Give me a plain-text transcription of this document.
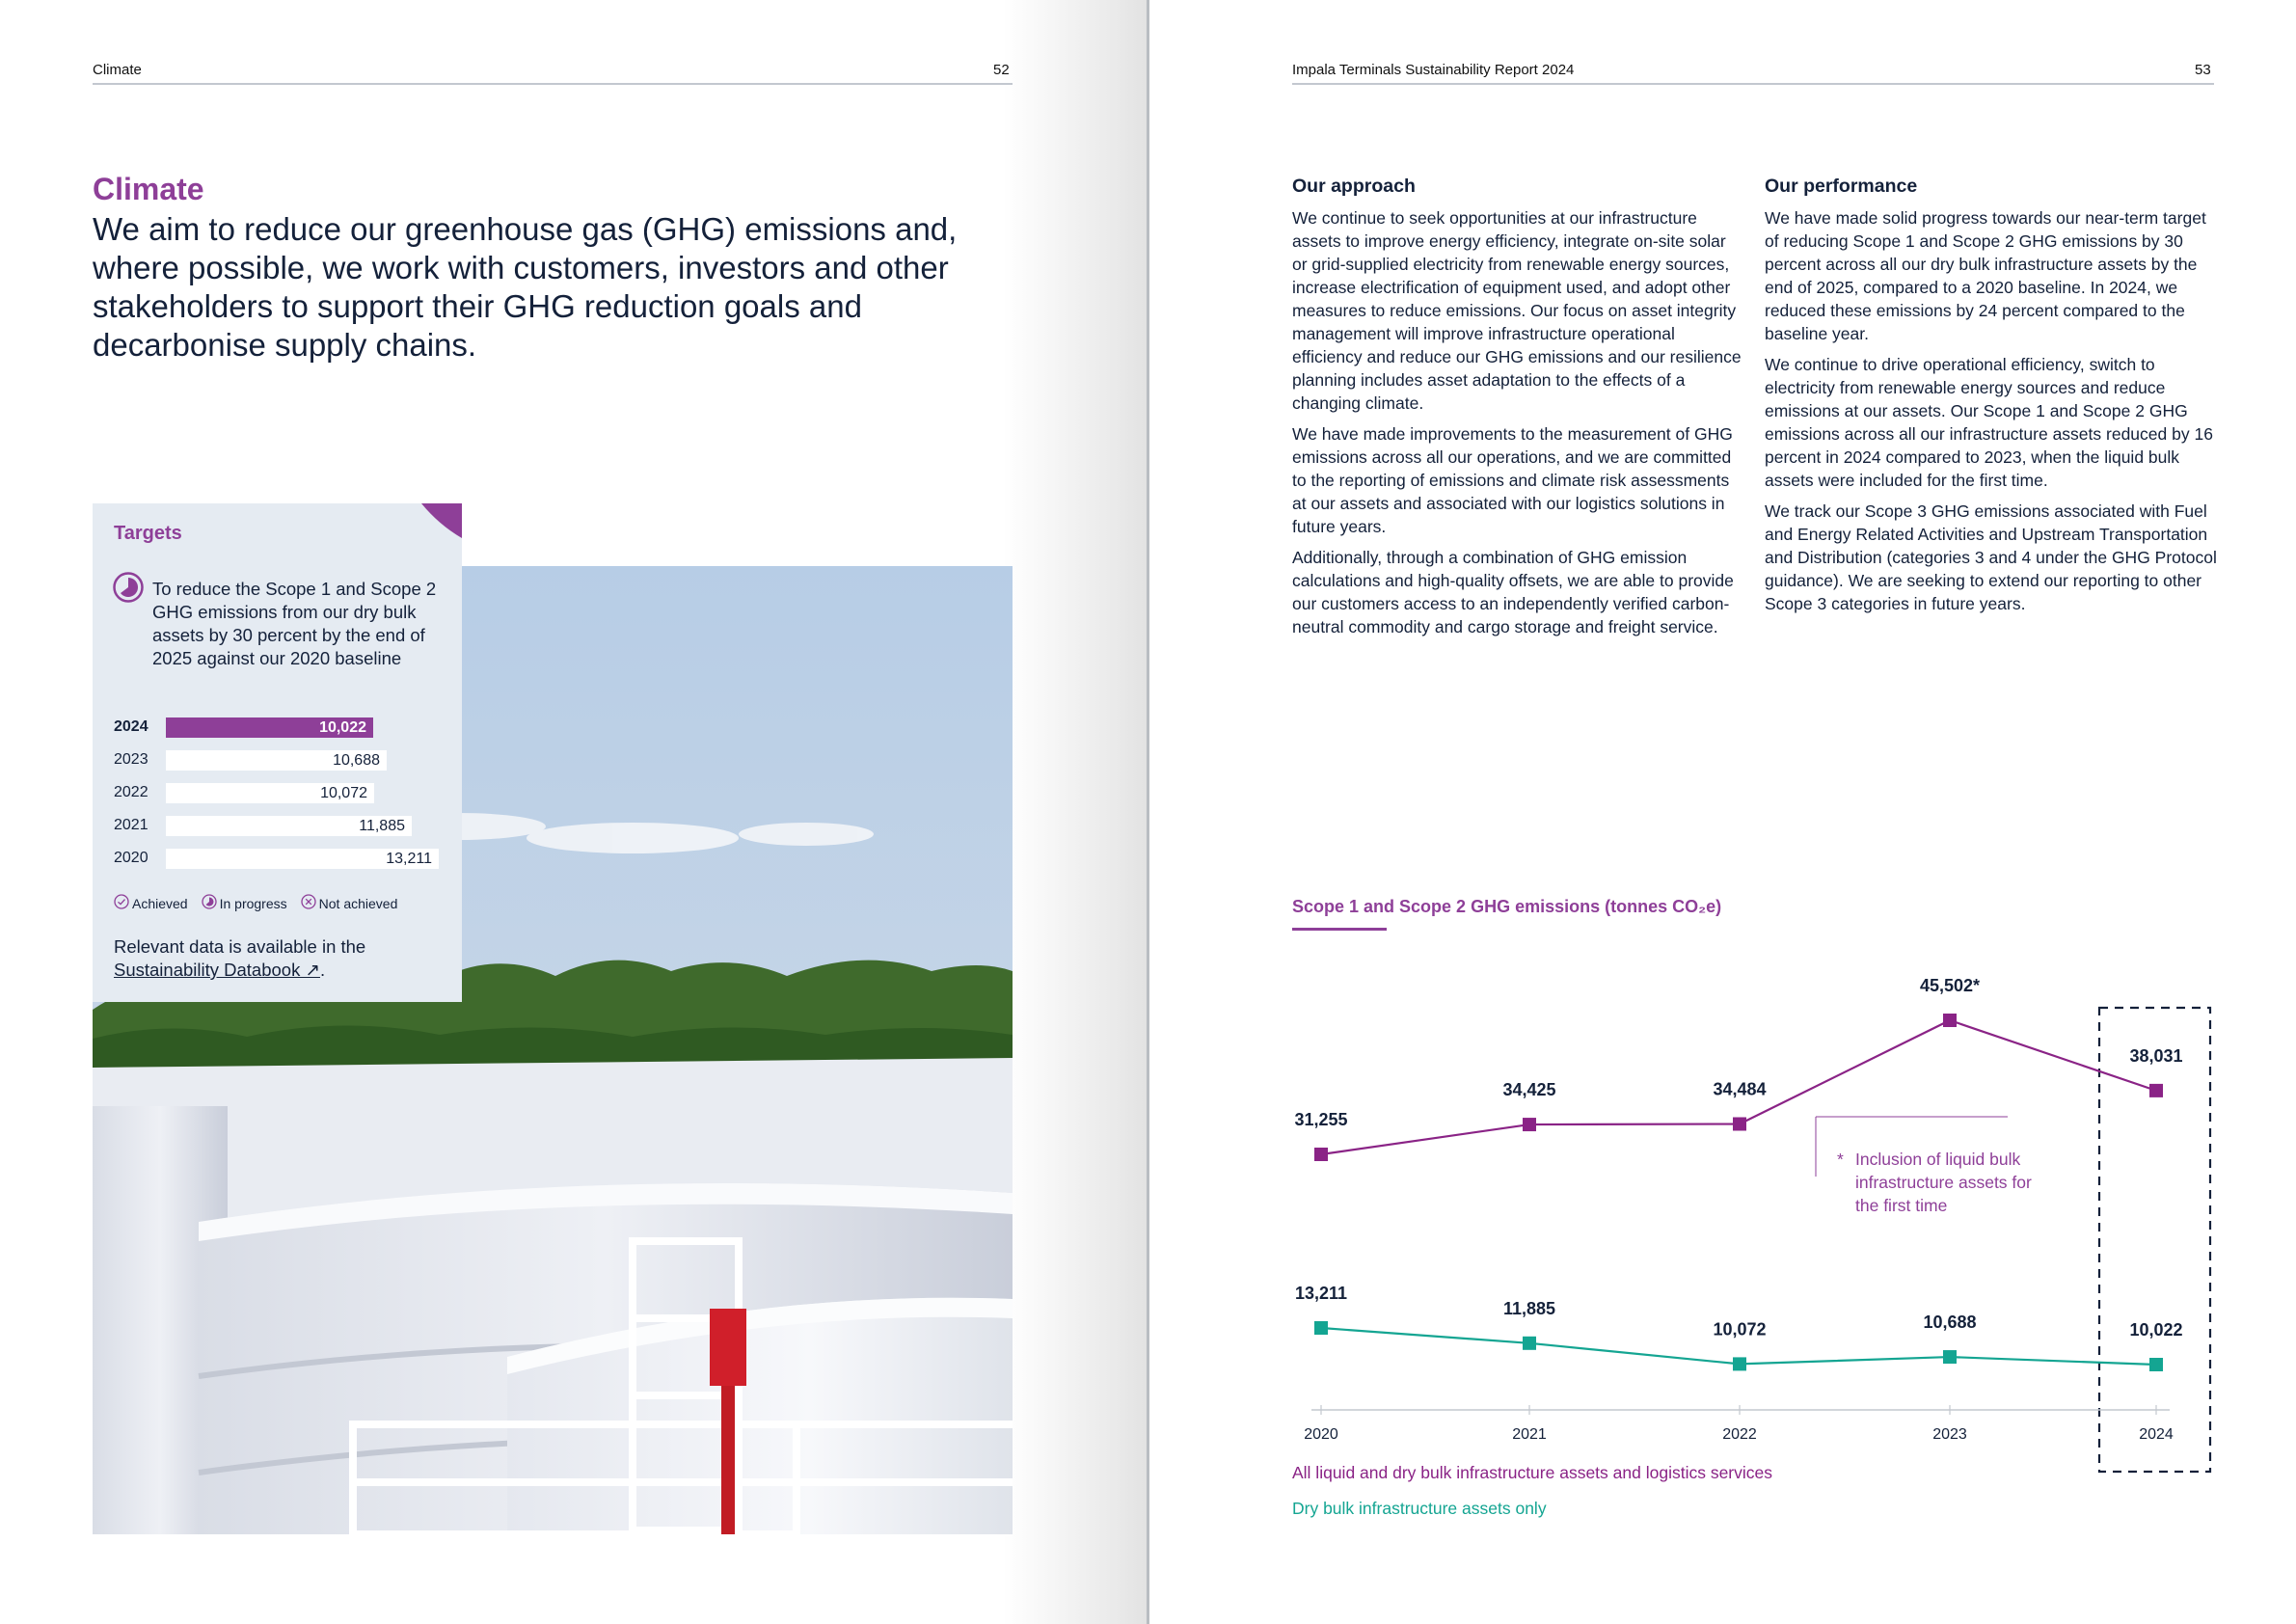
Climate	52
Climate
We aim to reduce our greenhouse gas (GHG) emissions and, where possible, we work with customers, investors and other stakeholders to support their GHG reduction goals and decarbonise supply chains.
Targets
To reduce the Scope 1 and Scope 2 GHG emissions from our dry bulk assets by 30 percent by the end of 2025 against our 2020 baseline
Achieved In progress Not achieved
Relevant data is available in the
Sustainability Databook ↗.
2024	10,022
2023	10,688
2022	10,072
2021	11,885
2020	13,211
Impala Terminals Sustainability Report 2024	53
Our approach

We continue to seek opportunities at our infrastructure assets to improve energy efficiency, integrate on-site solar or grid-supplied electricity from renewable energy sources, increase electrification of equipment used, and adopt other measures to reduce emissions. Our focus on asset integrity management will improve infrastructure operational efficiency and reduce our GHG emissions and our resilience planning includes asset adaptation to the effects of a changing climate.

We have made improvements to the measurement of GHG emissions across all our operations, and we are committed to the reporting of emissions and climate risk assessments at our assets and associated with our logistics solutions in future years.

Additionally, through a combination of GHG emission calculations and high-quality offsets, we are able to provide our customers access to an independently verified carbon-neutral commodity and cargo storage and freight service.

Our performance

We have made solid progress towards our near-term target of reducing Scope 1 and Scope 2 GHG emissions by 30 percent across all our dry bulk infrastructure assets by the end of 2025, compared to a 2020 baseline. In 2024, we reduced these emissions by 24 percent compared to the baseline year.

We continue to drive operational efficiency, switch to electricity from renewable energy sources and reduce emissions at our assets. Our Scope 1 and Scope 2 GHG emissions across all our infrastructure assets reduced by 16 percent in 2024 compared to 2023, when the liquid bulk assets were included for the first time.

We track our Scope 3 GHG emissions associated with Fuel and Energy Related Activities and Upstream Transportation and Distribution (categories 3 and 4 under the GHG Protocol guidance). We are seeking to extend our reporting to other Scope 3 categories in future years.

Scope 1 and Scope 2 GHG emissions (tonnes CO₂e)
2020	2021	2022	2023	2024
* Inclusion of liquid bulk
infrastructure assets for
the first time
31,255
34,425	34,484
45,502*
38,031
13,211
11,885
10,072	10,688	10,022
All liquid and dry bulk infrastructure assets and logistics services
Dry bulk infrastructure assets only
